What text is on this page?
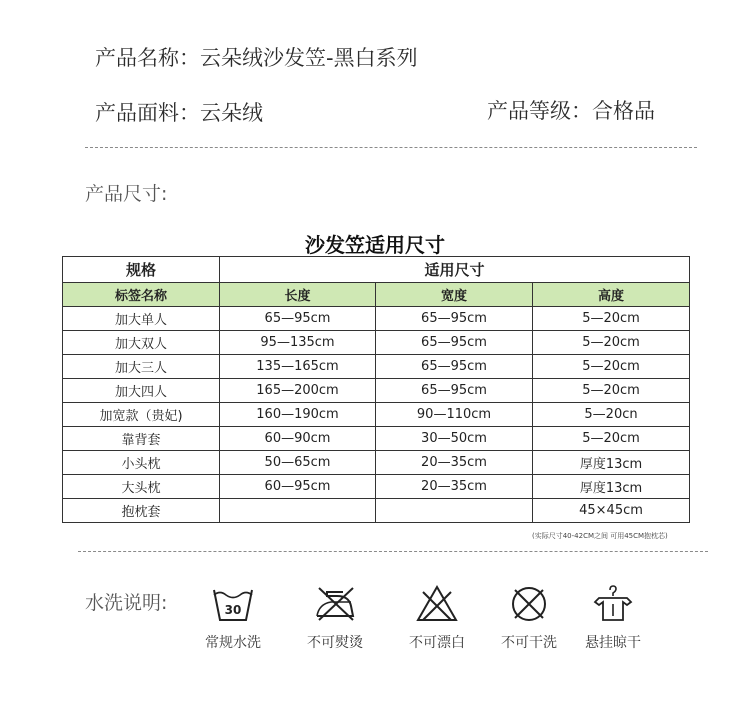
产品名称：云朵绒沙发笠-黑白系列
产品面料：云朵绒	产品等级：合格品
产品尺寸:
沙发笠适用尺寸
规格	适用尺寸		
标签名称	长度	宽度	高度
加大单人	65—95cm	65—95cm	5—20cm
加大双人	95—135cm	65—95cm	5—20cm
加大三人	135—165cm	65—95cm	5—20cm
加大四人	165—200cm	65—95cm	5—20cm
加宽款（贵妃)	160—190cm	90—110cm	5—20cn
靠背套	60—90cm	30—50cm	5—20cm
小头枕	50—65cm	20—35cm	厚度13cm
大头枕	60—95cm	20—35cm	厚度13cm
抱枕套			45×45cm
(实际尺寸40-42CM之间 可用45CM抱枕芯)
水洗说明:	30
常规水洗	不可熨烫	不可漂白	不可干洗	悬挂晾干
